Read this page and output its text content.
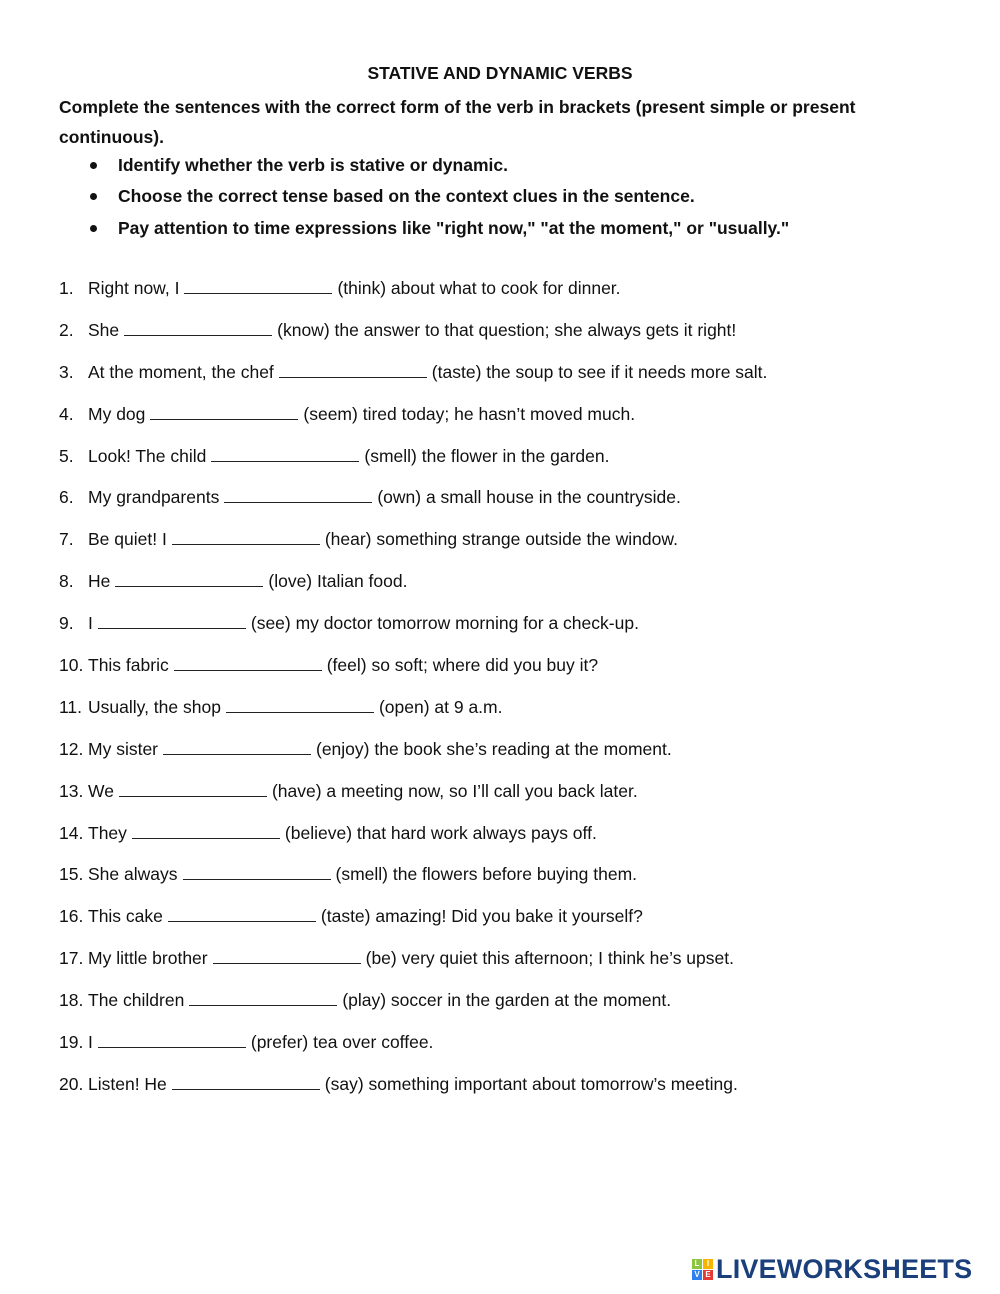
STATIVE AND DYNAMIC VERBS
Complete the sentences with the correct form of the verb in brackets (present simple or present continuous).
Identify whether the verb is stative or dynamic.
Choose the correct tense based on the context clues in the sentence.
Pay attention to time expressions like "right now," "at the moment," or "usually."
1. Right now, I	(think) about what to cook for dinner.
2. She	(know) the answer to that question; she always gets it right!
3. At the moment, the chef	(taste) the soup to see if it needs more salt.
4. My dog	(seem) tired today; he hasn’t moved much.
5. Look! The child	(smell) the flower in the garden.
6. My grandparents	(own) a small house in the countryside.
7. Be quiet! I	(hear) something strange outside the window.
8. He	(love) Italian food.
9. I	(see) my doctor tomorrow morning for a check-up.
10. This fabric	(feel) so soft; where did you buy it?
11. Usually, the shop	(open) at 9 a.m.
12. My sister	(enjoy) the book she’s reading at the moment.
13. We	(have) a meeting now, so I’ll call you back later.
14. They	(believe) that hard work always pays off.
15. She always	(smell) the flowers before buying them.
16. This cake	(taste) amazing! Did you bake it yourself?
17. My little brother	(be) very quiet this afternoon; I think he’s upset.
18. The children	(play) soccer in the garden at the moment.
19. I	(prefer) tea over coffee.
20. Listen! He	(say) something important about tomorrow’s meeting.
L I
V E LIVEWORKSHEETS
